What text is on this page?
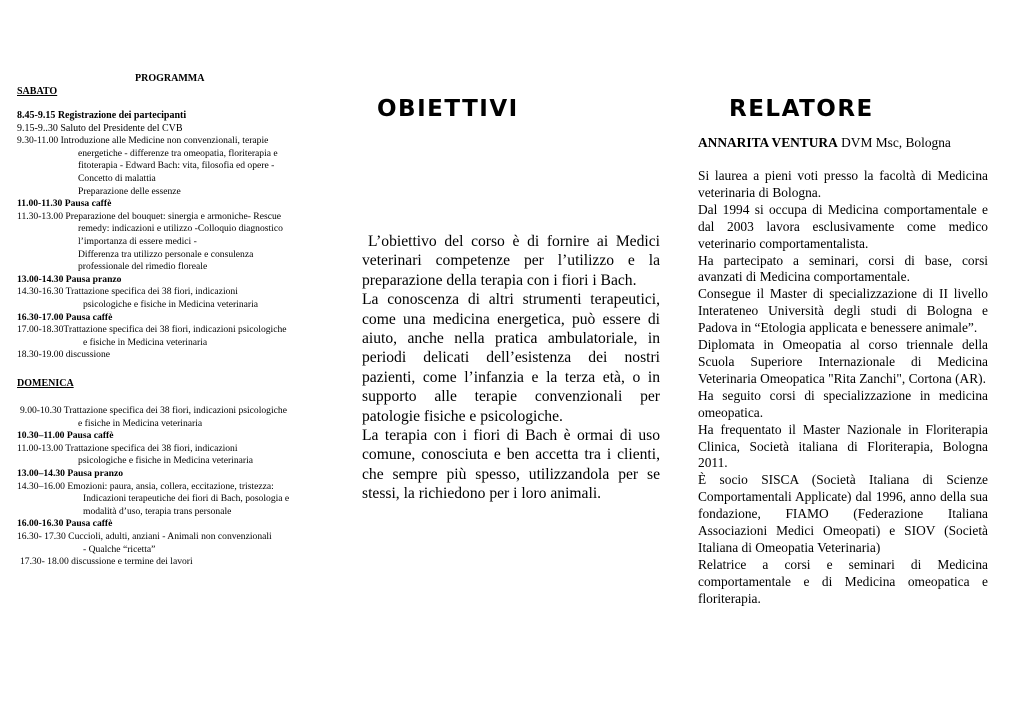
PROGRAMMA
SABATO
8.45-9.15 Registrazione dei partecipanti
9.15-9..30 Saluto del Presidente del CVB
9.30-11.00 Introduzione alle Medicine non convenzionali, terapie
energetiche - differenze tra omeopatia, floriterapia e
fitoterapia - Edward Bach: vita, filosofia ed opere -
Concetto di malattia
Preparazione delle essenze
11.00-11.30 Pausa caffè
11.30-13.00 Preparazione del bouquet: sinergia e armoniche- Rescue
remedy: indicazioni e utilizzo -Colloquio diagnostico
l’importanza di essere medici -
Differenza tra utilizzo personale e consulenza
professionale del rimedio floreale
13.00-14.30 Pausa pranzo
14.30-16.30 Trattazione specifica dei 38 fiori, indicazioni
psicologiche e fisiche in Medicina veterinaria
16.30-17.00 Pausa caffè
17.00-18.30Trattazione specifica dei 38 fiori, indicazioni psicologiche
e fisiche in Medicina veterinaria
18.30-19.00 discussione
DOMENICA
9.00-10.30 Trattazione specifica dei 38 fiori, indicazioni psicologiche
e fisiche in Medicina veterinaria
10.30–11.00 Pausa caffè
11.00-13.00 Trattazione specifica dei 38 fiori, indicazioni
psicologiche e fisiche in Medicina veterinaria
13.00–14.30 Pausa pranzo
14.30–16.00 Emozioni: paura, ansia, collera, eccitazione, tristezza:
Indicazioni terapeutiche dei fiori di Bach, posologia e
modalità d’uso, terapia trans personale
16.00-16.30 Pausa caffè
16.30- 17.30 Cuccioli, adulti, anziani - Animali non convenzionali
- Qualche “ricetta”
17.30- 18.00 discussione e termine dei lavori
OBIETTIVI

L’obiettivo del corso è di fornire ai Medici veterinari competenze per l’utilizzo e la preparazione della terapia con i fiori i Bach.

La conoscenza di altri strumenti terapeutici, come una medicina energetica, può essere di aiuto, anche nella pratica ambulatoriale, in periodi delicati dell’esistenza dei nostri pazienti, come l’infanzia e la terza età, o in supporto alle terapie convenzionali per patologie fisiche e psicologiche.

La terapia con i fiori di Bach è ormai di uso comune, conosciuta e ben accetta tra i clienti, che sempre più spesso, utilizzandola per se stessi, la richiedono per i loro animali.

RELATORE
ANNARITA VENTURA DVM Msc, Bologna

Si laurea a pieni voti presso la facoltà di Medicina veterinaria di Bologna.

Dal 1994 si occupa di Medicina comportamentale e dal 2003 lavora esclusivamente come medico veterinario comportamentalista.

Ha partecipato a seminari, corsi di base, corsi avanzati di Medicina comportamentale.

Consegue il Master di specializzazione di II livello Interateneo Università degli studi di Bologna e Padova in “Etologia applicata e benessere animale”.

Diplomata in Omeopatia al corso triennale della Scuola Superiore Internazionale di Medicina Veterinaria Omeopatica "Rita Zanchi", Cortona (AR).

Ha seguito corsi di specializzazione in medicina omeopatica.

Ha frequentato il Master Nazionale in Floriterapia Clinica, Società italiana di Floriterapia, Bologna 2011.

È socio SISCA (Società Italiana di Scienze Comportamentali Applicate) dal 1996, anno della sua fondazione, FIAMO (Federazione Italiana Associazioni Medici Omeopati) e SIOV (Società Italiana di Omeopatia Veterinaria)

Relatrice a corsi e seminari di Medicina comportamentale e di Medicina omeopatica e floriterapia.
